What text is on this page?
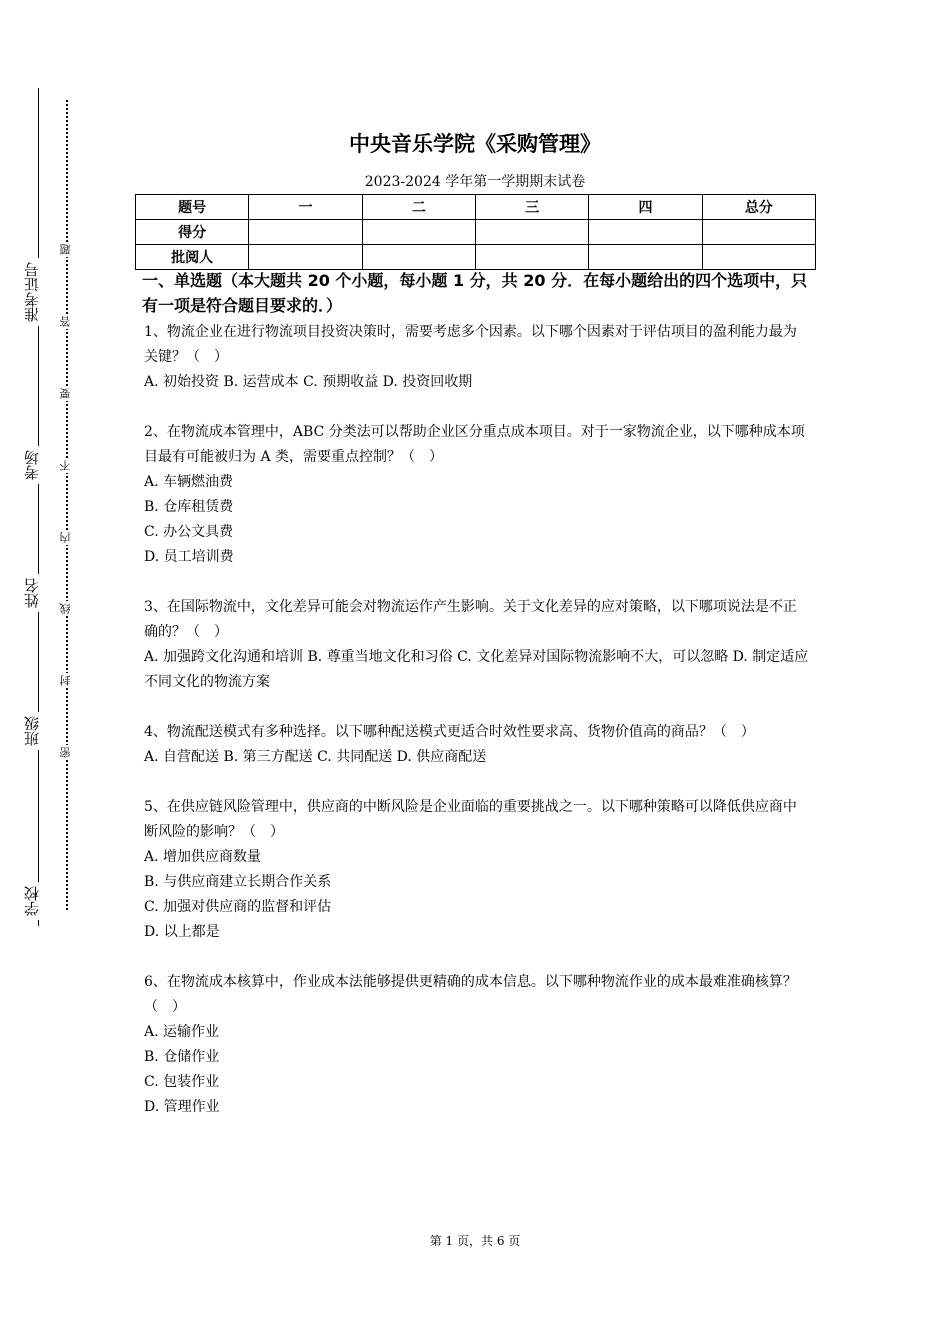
学校
班级
姓名
考场
准考证号
题
答
要
不
内
线
封
密
中央音乐学院《采购管理》
2023-2024 学年第一学期期末试卷
题号	一	二	三	四	总分
得分					
批阅人					
一、单选题（本大题共 20 个小题，每小题 1 分，共 20 分．在每小题给出的四个选项中，只有一项是符合题目要求的．）

1、物流企业在进行物流项目投资决策时，需要考虑多个因素。以下哪个因素对于评估项目的盈利能力最为关键？（　）

A. 初始投资 B. 运营成本 C. 预期收益 D. 投资回收期

2、在物流成本管理中，ABC 分类法可以帮助企业区分重点成本项目。对于一家物流企业，以下哪种成本项目最有可能被归为 A 类，需要重点控制？（　）

A. 车辆燃油费

B. 仓库租赁费

C. 办公文具费

D. 员工培训费

3、在国际物流中，文化差异可能会对物流运作产生影响。关于文化差异的应对策略，以下哪项说法是不正确的？（　）

A. 加强跨文化沟通和培训 B. 尊重当地文化和习俗 C. 文化差异对国际物流影响不大，可以忽略 D. 制定适应不同文化的物流方案

4、物流配送模式有多种选择。以下哪种配送模式更适合时效性要求高、货物价值高的商品？（　）

A. 自营配送 B. 第三方配送 C. 共同配送 D. 供应商配送

5、在供应链风险管理中，供应商的中断风险是企业面临的重要挑战之一。以下哪种策略可以降低供应商中断风险的影响？（　）

A. 增加供应商数量

B. 与供应商建立长期合作关系

C. 加强对供应商的监督和评估

D. 以上都是

6、在物流成本核算中，作业成本法能够提供更精确的成本信息。以下哪种物流作业的成本最难准确核算？（　）

A. 运输作业

B. 仓储作业

C. 包装作业

D. 管理作业

第 1 页，共 6 页
